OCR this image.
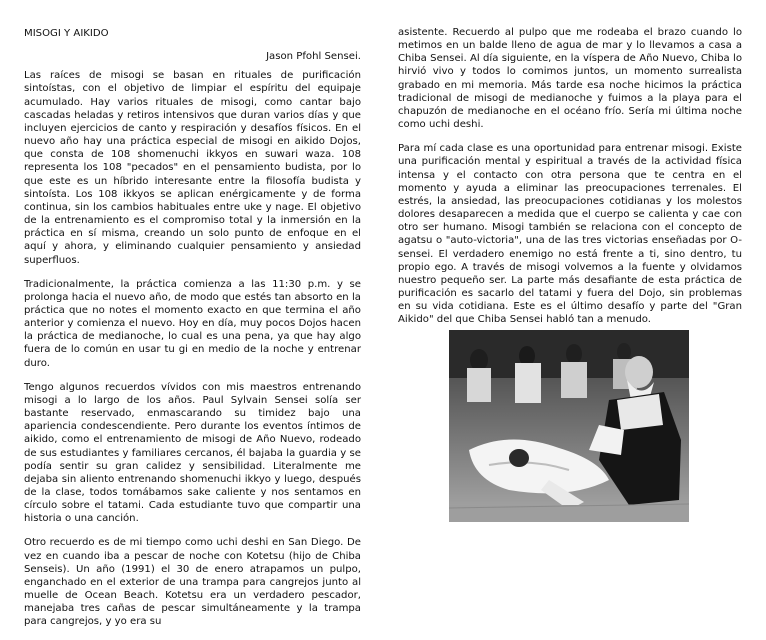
MISOGI Y AIKIDO
Jason Pfohl Sensei.

Las raíces de misogi se basan en rituales de purificación sintoístas, con el objetivo de limpiar el espíritu del equipaje acumulado. Hay varios rituales de misogi, como cantar bajo cascadas heladas y retiros intensivos que duran varios días y que incluyen ejercicios de canto y respiración y desafíos físicos. En el nuevo año hay una práctica especial de misogi en aikido Dojos, que consta de 108 shomenuchi ikkyos en suwari waza. 108 representa los 108 "pecados" en el pensamiento budista, por lo que este es un híbrido interesante entre la filosofía budista y sintoísta. Los 108 ikkyos se aplican enérgicamente y de forma continua, sin los cambios habituales entre uke y nage. El objetivo de la entrenamiento es el compromiso total y la inmersión en la práctica en sí misma, creando un solo punto de enfoque en el aquí y ahora, y eliminando cualquier pensamiento y ansiedad superfluos.

Tradicionalmente, la práctica comienza a las 11:30 p.m. y se prolonga hacia el nuevo año, de modo que estés tan absorto en la práctica que no notes el momento exacto en que termina el año anterior y comienza el nuevo. Hoy en día, muy pocos Dojos hacen la práctica de medianoche, lo cual es una pena, ya que hay algo fuera de lo común en usar tu gi en medio de la noche y entrenar duro.

Tengo algunos recuerdos vívidos con mis maestros entrenando misogi a lo largo de los años. Paul Sylvain Sensei solía ser bastante reservado, enmascarando su timidez bajo una apariencia condescendiente. Pero durante los eventos íntimos de aikido, como el entrenamiento de misogi de Año Nuevo, rodeado de sus estudiantes y familiares cercanos, él bajaba la guardia y se podía sentir su gran calidez y sensibilidad. Literalmente me dejaba sin aliento entrenando shomenuchi ikkyo y luego, después de la clase, todos tomábamos sake caliente y nos sentamos en círculo sobre el tatami. Cada estudiante tuvo que compartir una historia o una canción.

Otro recuerdo es de mi tiempo como uchi deshi en San Diego. De vez en cuando iba a pescar de noche con Kotetsu (hijo de Chiba Senseis). Un año (1991) el 30 de enero atrapamos un pulpo, enganchado en el exterior de una trampa para cangrejos junto al muelle de Ocean Beach. Kotetsu era un verdadero pescador, manejaba tres cañas de pescar simultáneamente y la trampa para cangrejos, y yo era su

asistente. Recuerdo al pulpo que me rodeaba el brazo cuando lo metimos en un balde lleno de agua de mar y lo llevamos a casa a Chiba Sensei. Al día siguiente, en la víspera de Año Nuevo, Chiba lo hirvió vivo y todos lo comimos juntos, un momento surrealista grabado en mi memoria. Más tarde esa noche hicimos la práctica tradicional de misogi de medianoche y fuimos a la playa para el chapuzón de medianoche en el océano frío. Sería mi última noche como uchi deshi.

Para mí cada clase es una oportunidad para entrenar misogi. Existe una purificación mental y espiritual a través de la actividad física intensa y el contacto con otra persona que te centra en el momento y ayuda a eliminar las preocupaciones terrenales. El estrés, la ansiedad, las preocupaciones cotidianas y los molestos dolores desaparecen a medida que el cuerpo se calienta y cae con otro ser humano. Misogi también se relaciona con el concepto de agatsu o "auto-victoria", una de las tres victorias enseñadas por O-sensei. El verdadero enemigo no está frente a ti, sino dentro, tu propio ego. A través de misogi volvemos a la fuente y olvidamos nuestro pequeño ser. La parte más desafiante de esta práctica de purificación es sacarlo del tatami y fuera del Dojo, sin problemas en su vida cotidiana. Este es el último desafío y parte del "Gran Aikido" del que Chiba Sensei habló tan a menudo.
